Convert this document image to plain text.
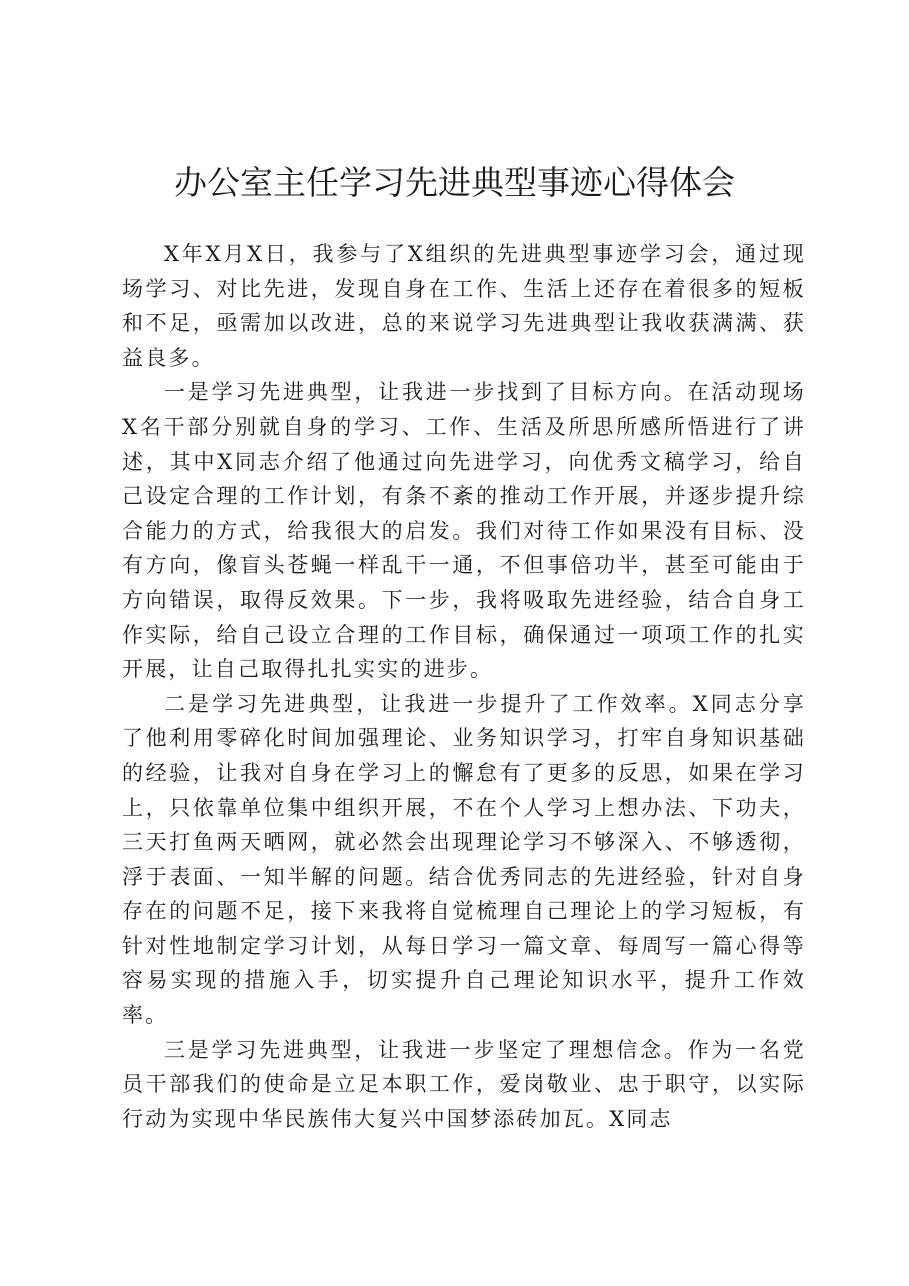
办公室主任学习先进典型事迹心得体会

X年X月X日，我参与了X组织的先进典型事迹学习会，通过现场学习、对比先进，发现自身在工作、生活上还存在着很多的短板和不足，亟需加以改进，总的来说学习先进典型让我收获满满、获益良多。

一是学习先进典型，让我进一步找到了目标方向。在活动现场X名干部分别就自身的学习、工作、生活及所思所感所悟进行了讲述，其中X同志介绍了他通过向先进学习，向优秀文稿学习，给自己设定合理的工作计划，有条不紊的推动工作开展，并逐步提升综合能力的方式，给我很大的启发。我们对待工作如果没有目标、没有方向，像盲头苍蝇一样乱干一通，不但事倍功半，甚至可能由于方向错误，取得反效果。下一步，我将吸取先进经验，结合自身工作实际，给自己设立合理的工作目标，确保通过一项项工作的扎实开展，让自己取得扎扎实实的进步。

二是学习先进典型，让我进一步提升了工作效率。X同志分享了他利用零碎化时间加强理论、业务知识学习，打牢自身知识基础的经验，让我对自身在学习上的懈怠有了更多的反思，如果在学习上，只依靠单位集中组织开展，不在个人学习上想办法、下功夫，三天打鱼两天晒网，就必然会出现理论学习不够深入、不够透彻，浮于表面、一知半解的问题。结合优秀同志的先进经验，针对自身存在的问题不足，接下来我将自觉梳理自己理论上的学习短板，有针对性地制定学习计划，从每日学习一篇文章、每周写一篇心得等容易实现的措施入手，切实提升自己理论知识水平，提升工作效率。

三是学习先进典型，让我进一步坚定了理想信念。作为一名党员干部我们的使命是立足本职工作，爱岗敬业、忠于职守，以实际行动为实现中华民族伟大复兴中国梦添砖加瓦。X同志
